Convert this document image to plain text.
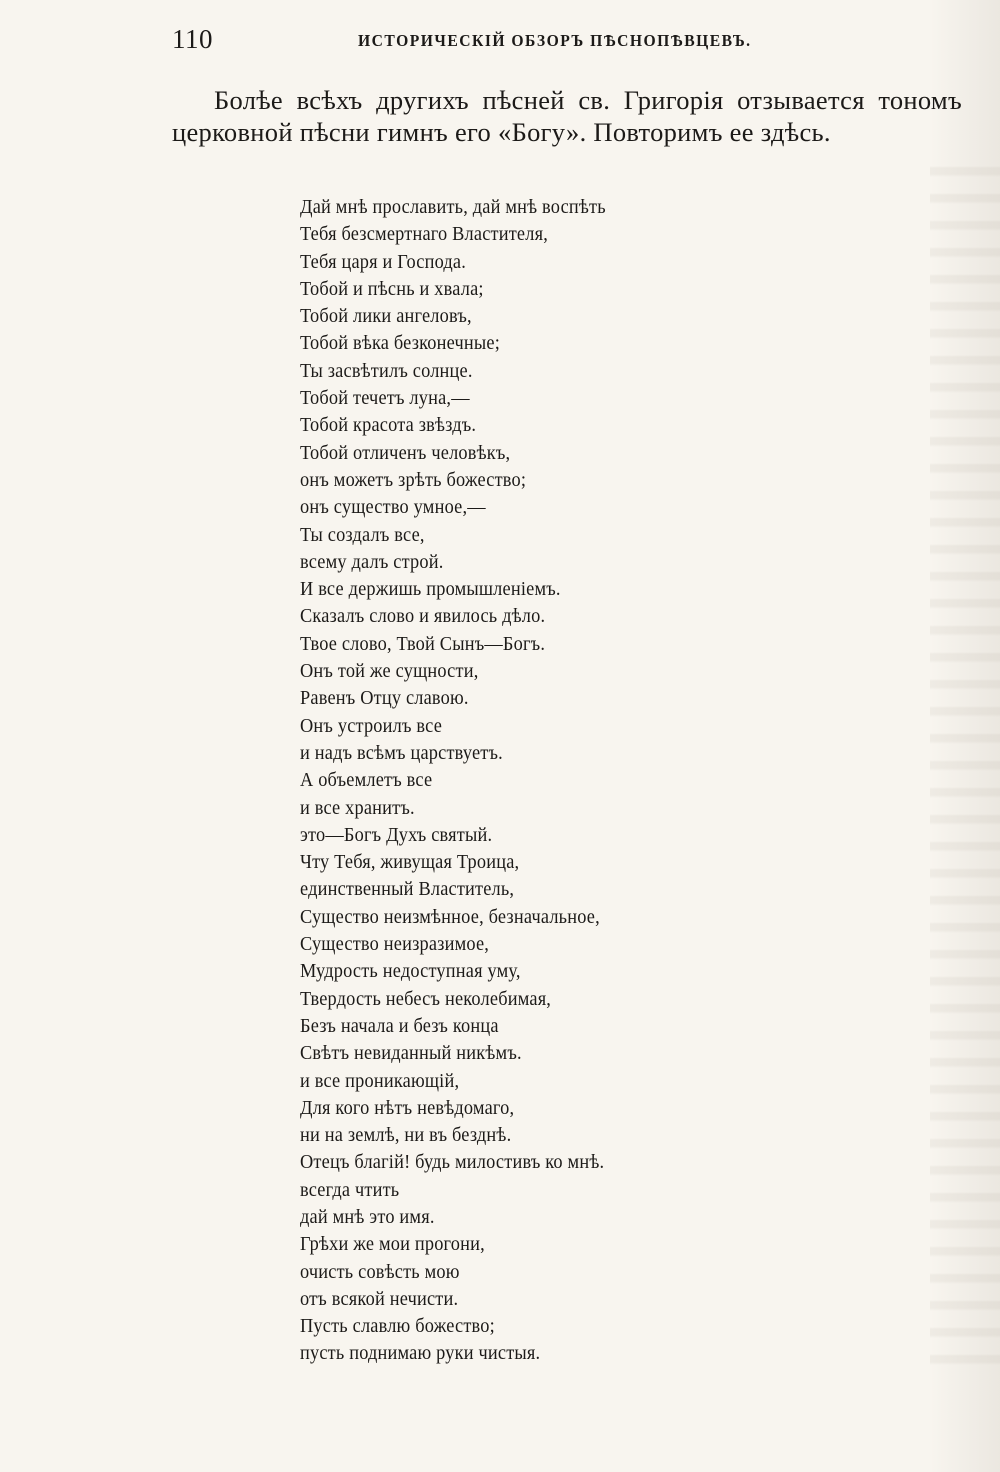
110	ИСТОРИЧЕСКІЙ ОБЗОРЪ ПѢСНОПѢВЦЕВЪ.

Болѣе всѣхъ другихъ пѣсней св. Григорія отзывается тономъ церковной пѣсни гимнъ его «Богу». Повторимъ ее здѣсь.

Дай мнѣ прославить, дай мнѣ воспѣть
Тебя безсмертнаго Властителя,
Тебя царя и Господа.
Тобой и пѣснь и хвала;
Тобой лики ангеловъ,
Тобой вѣка безконечные;
Ты засвѣтилъ солнце.
Тобой течетъ луна,—
Тобой красота звѣздъ.
Тобой отличенъ человѣкъ,
онъ можетъ зрѣть божество;
онъ существо умное,—
Ты создалъ все,
всему далъ строй.
И все держишь промышленіемъ.
Сказалъ слово и явилось дѣло.
Твое слово, Твой Сынъ—Богъ.
Онъ той же сущности,
Равенъ Отцу славою.
Онъ устроилъ все
и надъ всѣмъ царствуетъ.
А объемлетъ все
и все хранитъ.
это—Богъ Духъ святый.
Чту Тебя, живущая Троица,
единственный Властитель,
Существо неизмѣнное, безначальное,
Существо неизразимое,
Мудрость недоступная уму,
Твердость небесъ неколебимая,
Безъ начала и безъ конца
Свѣтъ невиданный никѣмъ.
и все проникающій,
Для кого нѣтъ невѣдомаго,
ни на землѣ, ни въ безднѣ.
Отецъ благій! будь милостивъ ко мнѣ.
всегда чтить
дай мнѣ это имя.
Грѣхи же мои прогони,
очисть совѣсть мою
отъ всякой нечисти.
Пусть славлю божество;
пусть поднимаю руки чистыя.
